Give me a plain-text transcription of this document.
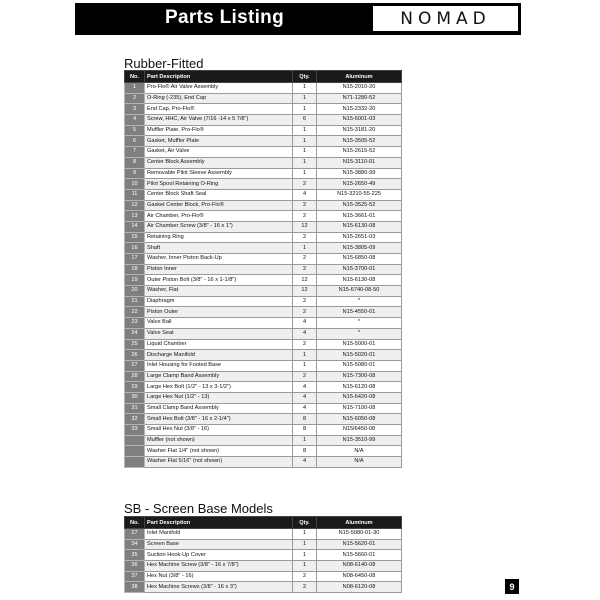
Parts Listing	NOMAD
Rubber-Fitted
No.	Part Description	Qty.	Aluminum
1	Pro-Flo® Air Valve Assembly	1	N15-2010-20
2	O-Ring (-235), End Cap	1	N71-1280-52
3	End Cap, Pro-Flo®	1	N15-2332-20
4	Screw, HHC, Air Valve (7/16 -14 x 5 7/8")	6	N15-6001-03
5	Muffler Plate, Pro-Flo®	1	N15-3181-20
6	Gasket, Muffler Plate	1	N15-3505-52
7	Gasket, Air Valve	1	N15-2615-52
8	Center Block Assembly	1	N15-3110-01
9	Removable Pilot Sleeve Assembly	1	N15-3880-99
10	Pilot Spool Retaining O-Ring	2	N15-2650-49
11	Center Block Shaft Seal	4	N15-3210-55-225
12	Gasket Center Block, Pro-Flo®	2	N15-3525-52
13	Air Chamber, Pro-Flo®	2	N15-3661-01
14	Air Chamber Screw (3/8" - 16 x 1")	12	N15-6130-08
15	Retaining Ring	2	N15-2651-03
16	Shaft	1	N15-3805-09
17	Washer, Inner Piston Back-Up	2	N15-6850-08
18	Piston Inner	2	N15-3700-01
19	Outer Piston Bolt (3/8" - 16 x 1-1/8")	12	N15-6130-08
20	Washer, Flat	12	N15-6740-08-50
21	Diaphragm	2	*
22	Piston Outer	2	N15-4550-01
23	Valve Ball	4	*
24	Valve Seat	4	*
25	Liquid Chamber	2	N15-5000-01
26	Discharge Manifold	1	N15-5020-01
27	Inlet Housing for Footed Base	1	N15-5080-01
28	Large Clamp Band Assembly	2	N15-7300-08
29	Large Hex Bolt (1/2" - 13 x 3-1/2")	4	N15-6120-08
30	Large Hex Nut (1/2" - 13)	4	N15-6420-08
31	Small Clamp Band Assembly	4	N15-7100-08
32	Small Hex Bolt (3/8" - 16 x 2-1/4")	8	N15-6050-08
33	Small Hex Nut (3/8" - 16)	8	N15I6450-08
	Muffler (not shown)	1	N15-3510-99
	Washer Flat 1/4" (not shown)	8	N/A
	Washer Flat 5/16" (not shown)	4	N/A
SB - Screen Base Models
No.	Part Description	Qty.	Aluminum
27	Inlet Manifold	1	N15-5080-01-30
34	Screen Base	1	N15-5620-01
35	Suction Hook-Up Cover	1	N15-5660-01
36	Hex Machine Screw (3/8" - 16 x 7/8")	1	N08-6140-08
37	Hex Nut (3/8" - 16)	2	N08-6450-08
38	Hex Machine Screws (3/8" - 16 x 3")	2	N08-6120-08	9
